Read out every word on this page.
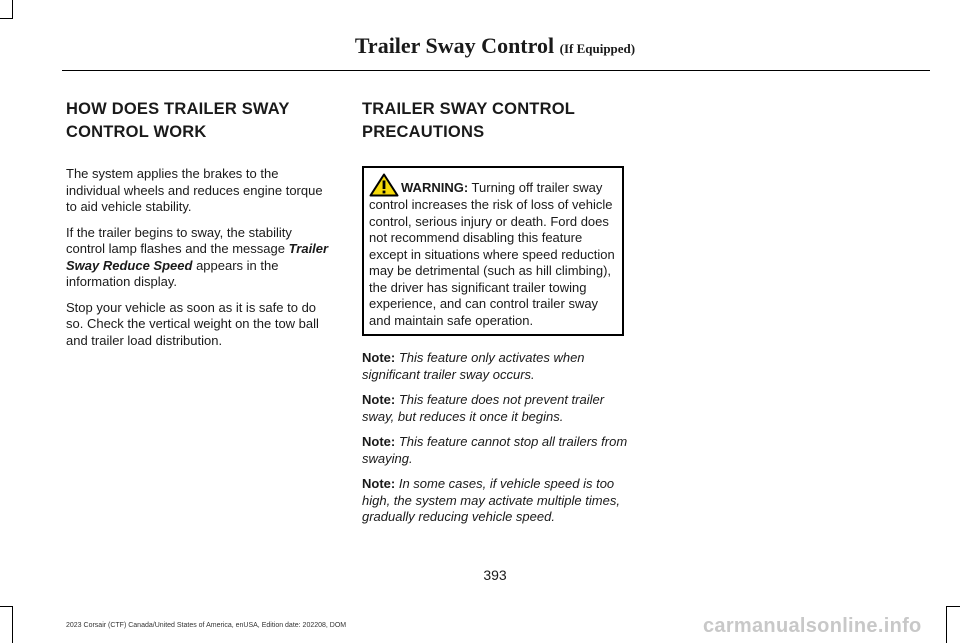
Trailer Sway Control (If Equipped)
HOW DOES TRAILER SWAY
CONTROL WORK

The system applies the brakes to the individual wheels and reduces engine torque to aid vehicle stability.

If the trailer begins to sway, the stability control lamp flashes and the message Trailer Sway Reduce Speed appears in the information display.

Stop your vehicle as soon as it is safe to do so. Check the vertical weight on the tow ball and trailer load distribution.

TRAILER SWAY CONTROL
PRECAUTIONS
WARNING: Turning off trailer sway control increases the risk of loss of vehicle control, serious injury or death. Ford does not recommend disabling this feature except in situations where speed reduction may be detrimental (such as hill climbing), the driver has significant trailer towing experience, and can control trailer sway and maintain safe operation.

Note: This feature only activates when significant trailer sway occurs.

Note: This feature does not prevent trailer sway, but reduces it once it begins.

Note: This feature cannot stop all trailers from swaying.

Note: In some cases, if vehicle speed is too high, the system may activate multiple times, gradually reducing vehicle speed.

393
2023 Corsair (CTF) Canada/United States of America, enUSA, Edition date: 202208, DOM	carmanualsonline.info
